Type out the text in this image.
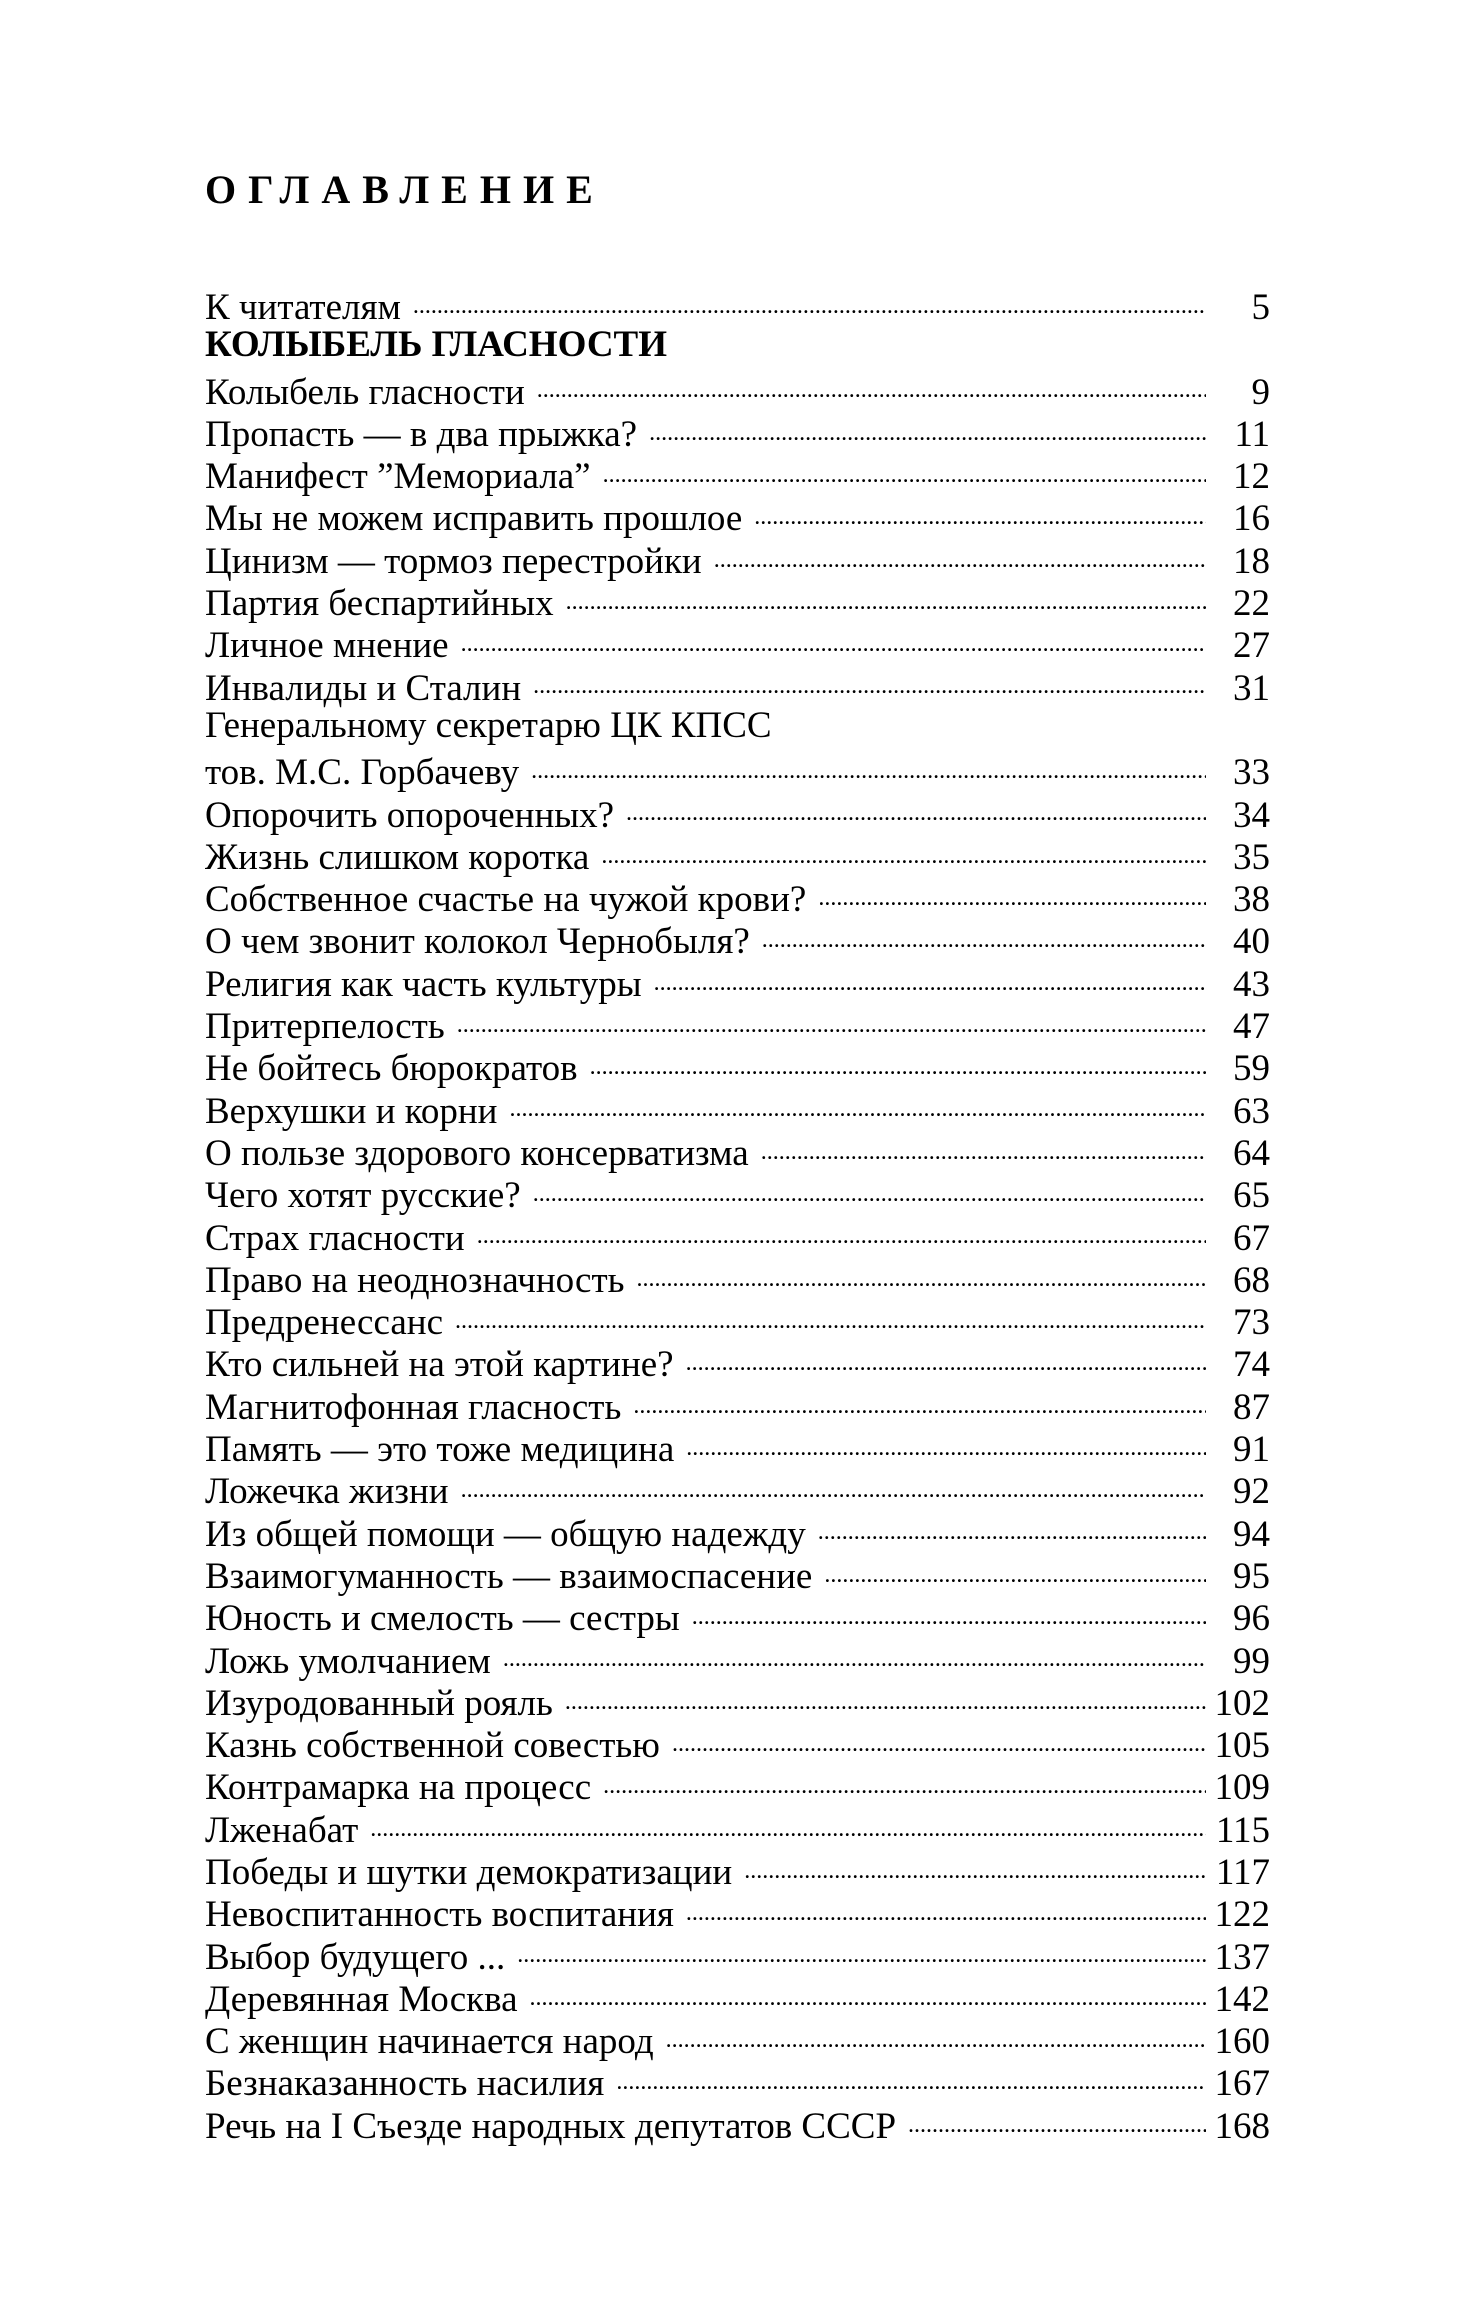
ОГЛАВЛЕНИЕ
К читателям . . .	5
КОЛЫБЕЛЬ ГЛАСНОСТИ
Колыбель гласности . . .	9
Пропасть — в два прыжка? . . .	11
Манифест ”Мемориала” . . .	12
Мы не можем исправить прошлое . . .	16
Цинизм — тормоз перестройки . . .	18
Партия беспартийных . . .	22
Личное мнение . . .	27
Инвалиды и Сталин . . .	31
Генеральному секретарю ЦК КПСС
тов. М.С. Горбачеву . . .	33
Опорочить опороченных? . . .	34
Жизнь слишком коротка . . .	35
Собственное счастье на чужой крови? . . .	38
О чем звонит колокол Чернобыля? . . .	40
Религия как часть культуры . . .	43
Притерпелость . . .	47
Не бойтесь бюрократов . . .	59
Верхушки и корни . . .	63
О пользе здорового консерватизма . . .	64
Чего хотят русские? . . .	65
Страх гласности . . .	67
Право на неоднозначность . . .	68
Предренессанс . . .	73
Кто сильней на этой картине? . . .	74
Магнитофонная гласность . . .	87
Память — это тоже медицина . . .	91
Ложечка жизни . . .	92
Из общей помощи — общую надежду . . .	94
Взаимогуманность — взаимоспасение . . .	95
Юность и смелость — сестры . . .	96
Ложь умолчанием . . .	99
Изуродованный рояль . . .	102
Казнь собственной совестью . . .	105
Контрамарка на процесс . . .	109
Лженабат . . .	115
Победы и шутки демократизации . . .	117
Невоспитанность воспитания . . .	122
Выбор будущего ... . . .	137
Деревянная Москва . . .	142
С женщин начинается народ . . .	160
Безнаказанность насилия . . .	167
Речь на I Съезде народных депутатов СССР . . .	168
